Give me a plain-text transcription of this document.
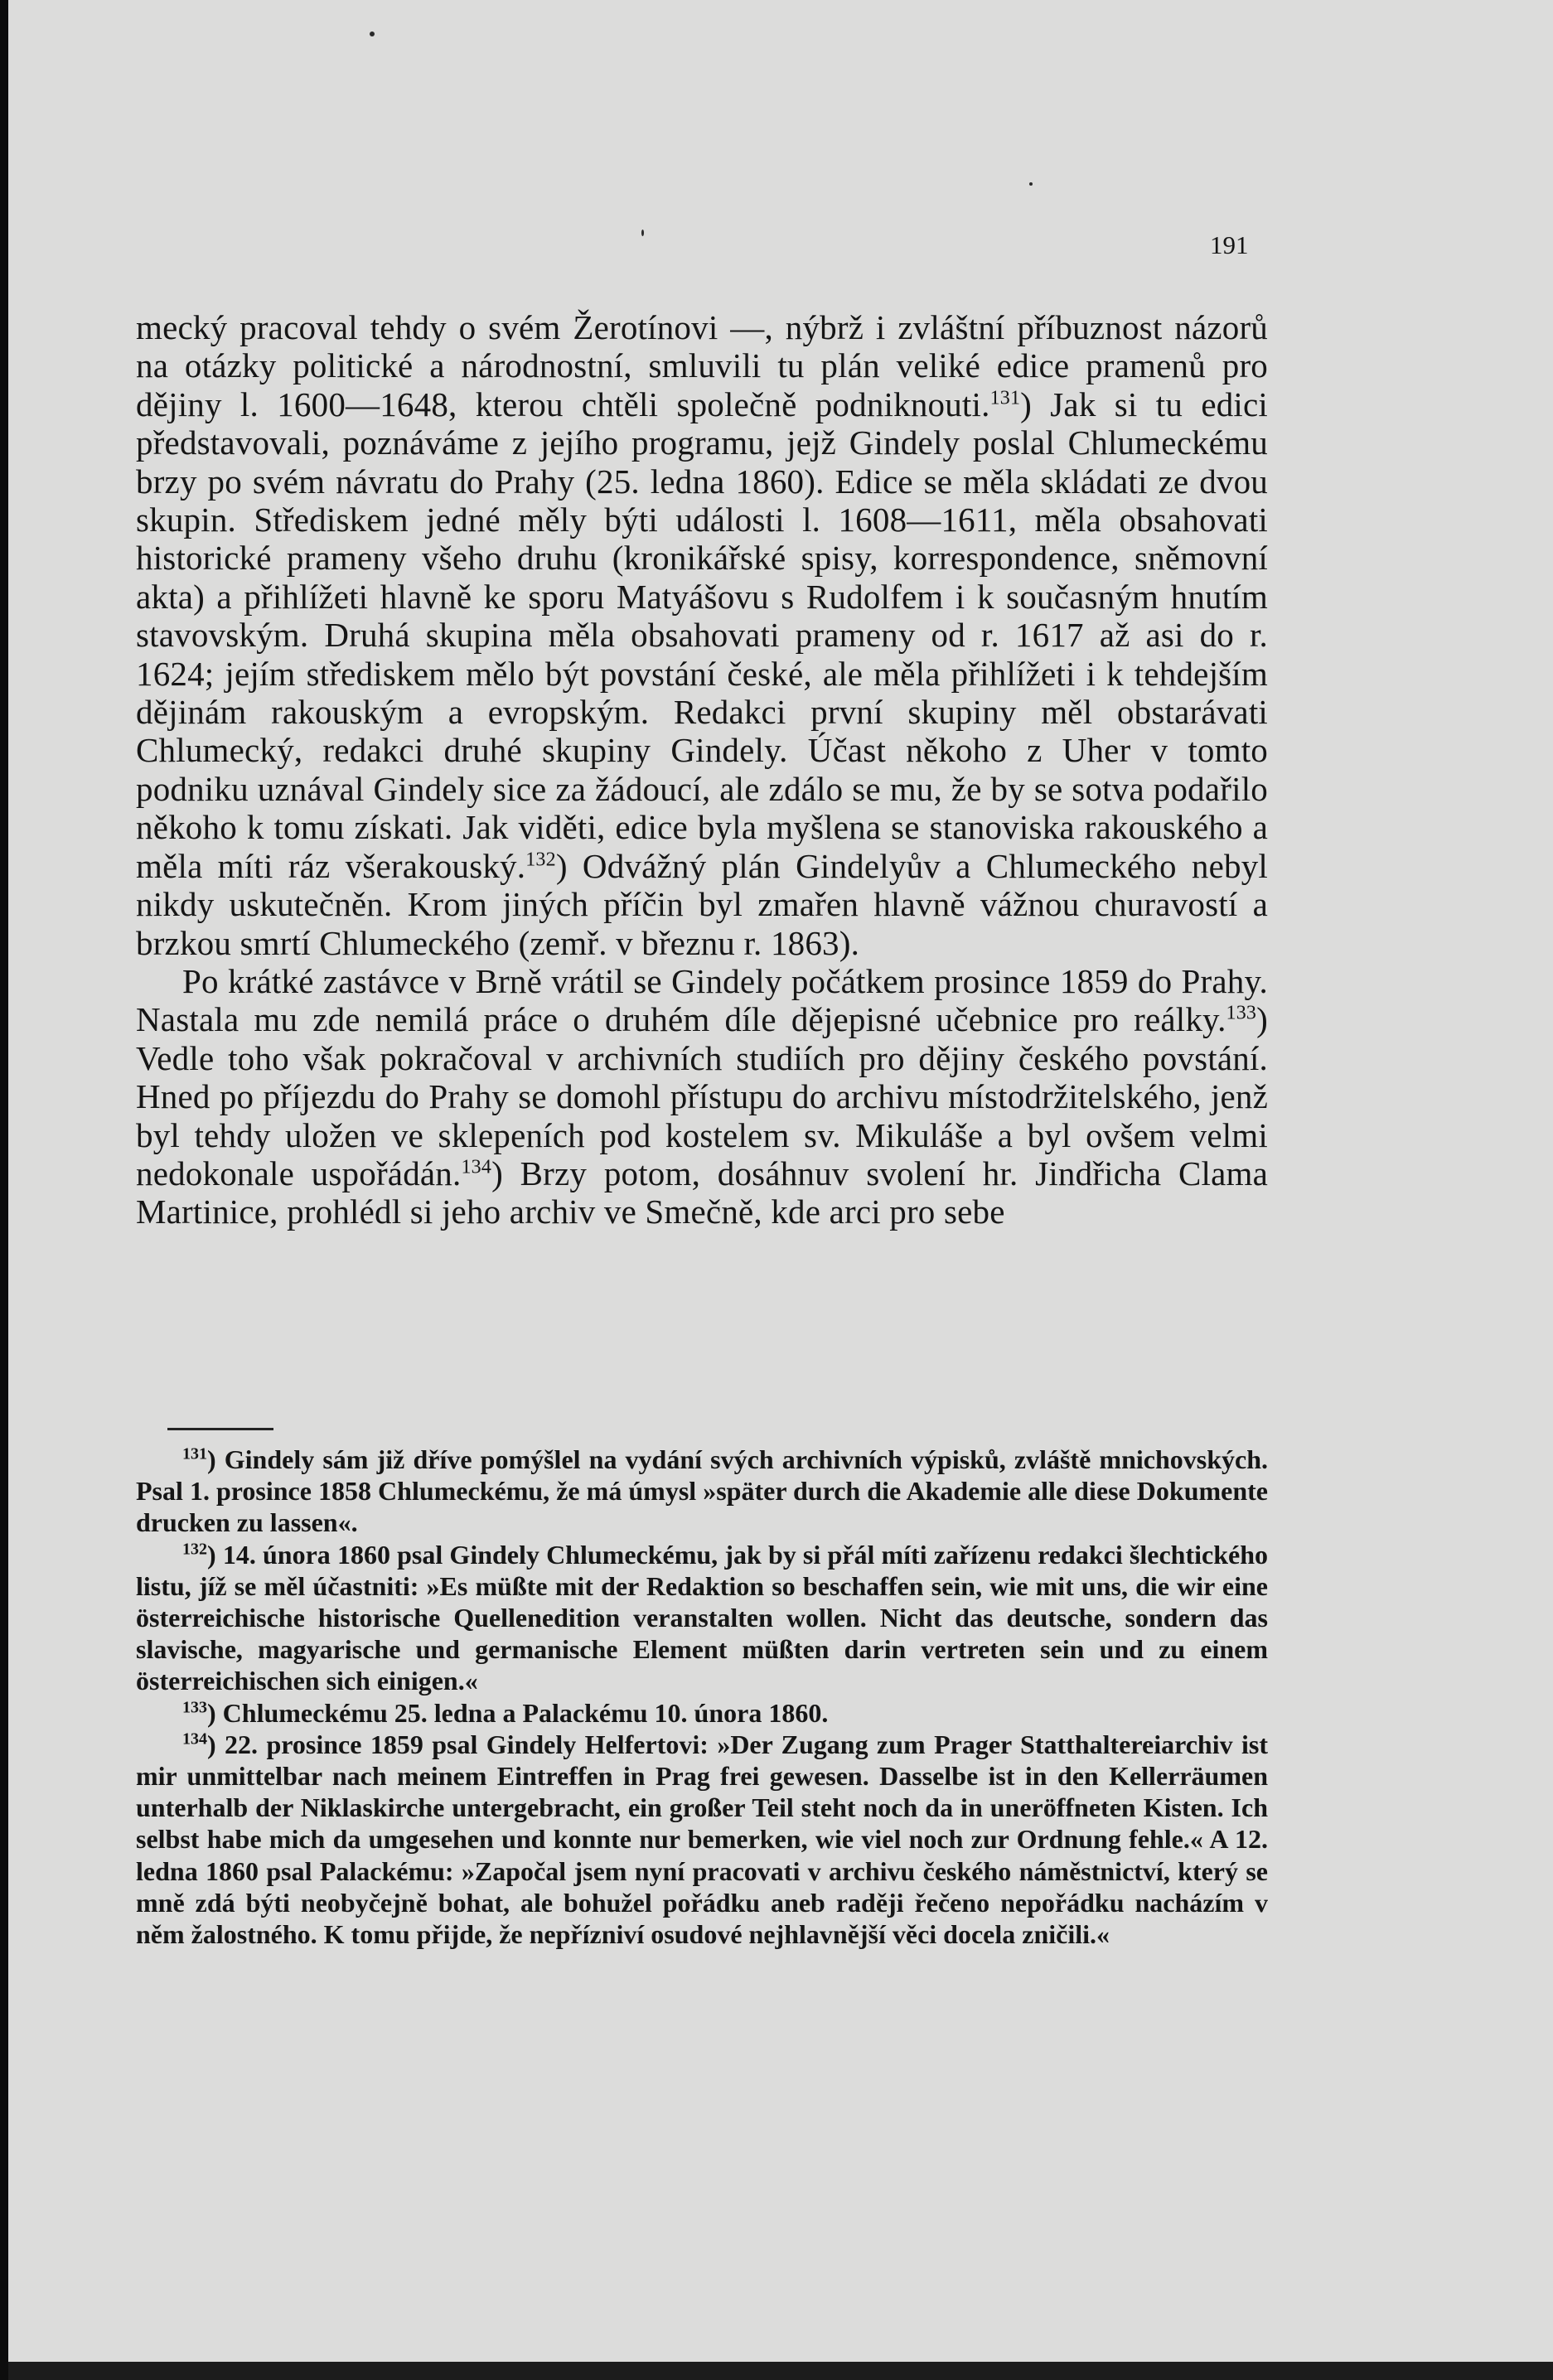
191

mecký pracoval tehdy o svém Žerotínovi —, nýbrž i zvláštní příbuznost názorů na otázky politické a národnostní, smluvili tu plán veliké edice pramenů pro dějiny l. 1600—1648, kterou chtěli společně podniknouti.$^{131}$) Jak si tu edici představovali, poznáváme z jejího programu, jejž Gindely poslal Chlumeckému brzy po svém návratu do Prahy (25. ledna 1860). Edice se měla skládati ze dvou skupin. Střediskem jedné měly býti události l. 1608—1611, měla obsahovati historické prameny všeho druhu (kronikářské spisy, korrespondence, sněmovní akta) a přihlížeti hlavně ke sporu Matyášovu s Rudolfem i k současným hnutím stavovským. Druhá skupina měla obsahovati prameny od r. 1617 až asi do r. 1624; jejím střediskem mělo být povstání české, ale měla přihlížeti i k tehdejším dějinám rakouským a evropským. Redakci první skupiny měl obstarávati Chlumecký, redakci druhé skupiny Gindely. Účast někoho z Uher v tomto podniku uznával Gindely sice za žádoucí, ale zdálo se mu, že by se sotva podařilo někoho k tomu získati. Jak viděti, edice byla myšlena se stanoviska rakouského a měla míti ráz všerakouský.$^{132}$) Odvážný plán Gindelyův a Chlumeckého nebyl nikdy uskutečněn. Krom jiných příčin byl zmařen hlavně vážnou churavostí a brzkou smrtí Chlumeckého (zemř. v březnu r. 1863).

Po krátké zastávce v Brně vrátil se Gindely počátkem prosince 1859 do Prahy. Nastala mu zde nemilá práce o druhém díle dějepisné učebnice pro reálky.$^{133}$) Vedle toho však pokračoval v archivních studiích pro dějiny českého povstání. Hned po příjezdu do Prahy se domohl přístupu do archivu místodržitelského, jenž byl tehdy uložen ve sklepeních pod kostelem sv. Mikuláše a byl ovšem velmi nedokonale uspořádán.$^{134}$) Brzy potom, dosáhnuv svolení hr. Jindřicha Clama Martinice, prohlédl si jeho archiv ve Smečně, kde arci pro sebe

$^{131}$) Gindely sám již dříve pomýšlel na vydání svých archivních výpisků, zvláště mnichovských. Psal 1. prosince 1858 Chlumeckému, že má úmysl »später durch die Akademie alle diese Dokumente drucken zu lassen«.

$^{132}$) 14. února 1860 psal Gindely Chlumeckému, jak by si přál míti zařízenu redakci šlechtického listu, jíž se měl účastniti: »Es müßte mit der Redaktion so beschaffen sein, wie mit uns, die wir eine österreichische historische Quellenedition veranstalten wollen. Nicht das deutsche, sondern das slavische, magyarische und germanische Element müßten darin vertreten sein und zu einem österreichischen sich einigen.«

$^{133}$) Chlumeckému 25. ledna a Palackému 10. února 1860.

$^{134}$) 22. prosince 1859 psal Gindely Helfertovi: »Der Zugang zum Prager Statthaltereiarchiv ist mir unmittelbar nach meinem Eintreffen in Prag frei gewesen. Dasselbe ist in den Kellerräumen unterhalb der Niklaskirche untergebracht, ein großer Teil steht noch da in uneröffneten Kisten. Ich selbst habe mich da umgesehen und konnte nur bemerken, wie viel noch zur Ordnung fehle.« A 12. ledna 1860 psal Palackému: »Započal jsem nyní pracovati v archivu českého náměstnictví, který se mně zdá býti neobyčejně bohat, ale bohužel pořádku aneb raději řečeno nepořádku nacházím v něm žalostného. K tomu přijde, že nepřízniví osudové nejhlavnější věci docela zničili.«
